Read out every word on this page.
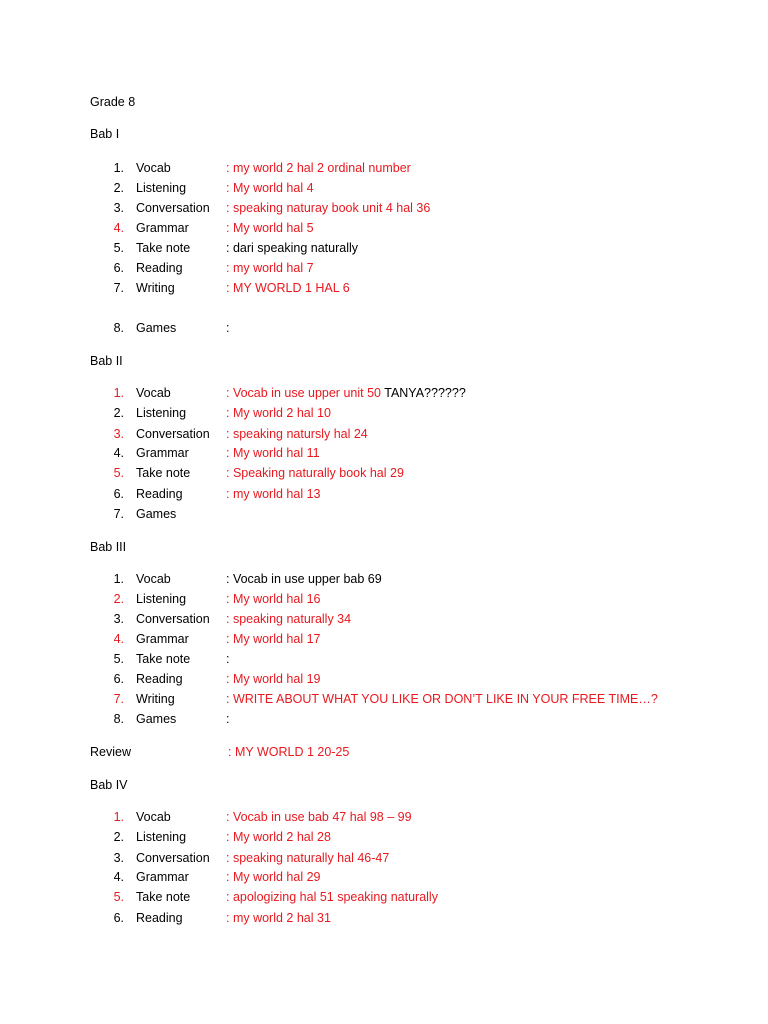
Grade 8
Bab I
1. Vocab	: my world 2 hal 2 ordinal number
2. Listening	: My world hal 4
3. Conversation : speaking naturay book unit 4 hal 36
4. Grammar	: My world hal 5
5. Take note	: dari speaking naturally
6. Reading	: my world hal 7
7. Writing	: MY WORLD 1 HAL 6
8. Games	:
Bab II
1. Vocab	: Vocab in use upper unit 50 TANYA??????
2. Listening	: My world 2 hal 10
3. Conversation : speaking natursly hal 24
4. Grammar	: My world hal 11
5. Take note	: Speaking naturally book hal 29
6. Reading	: my world hal 13
7. Games
Bab III
1. Vocab	: Vocab in use upper bab 69
2. Listening	: My world hal 16
3. Conversation : speaking naturally 34
4. Grammar	: My world hal 17
5. Take note	:
6. Reading	: My world hal 19
7. Writing	: WRITE ABOUT WHAT YOU LIKE OR DON’T LIKE IN YOUR FREE TIME…?
8. Games	:
Review	: MY WORLD 1 20-25
Bab IV
1. Vocab	: Vocab in use bab 47 hal 98 – 99
2. Listening	: My world 2 hal 28
3. Conversation : speaking naturally hal 46-47
4. Grammar	: My world hal 29
5. Take note	: apologizing hal 51 speaking naturally
6. Reading	: my world 2 hal 31
